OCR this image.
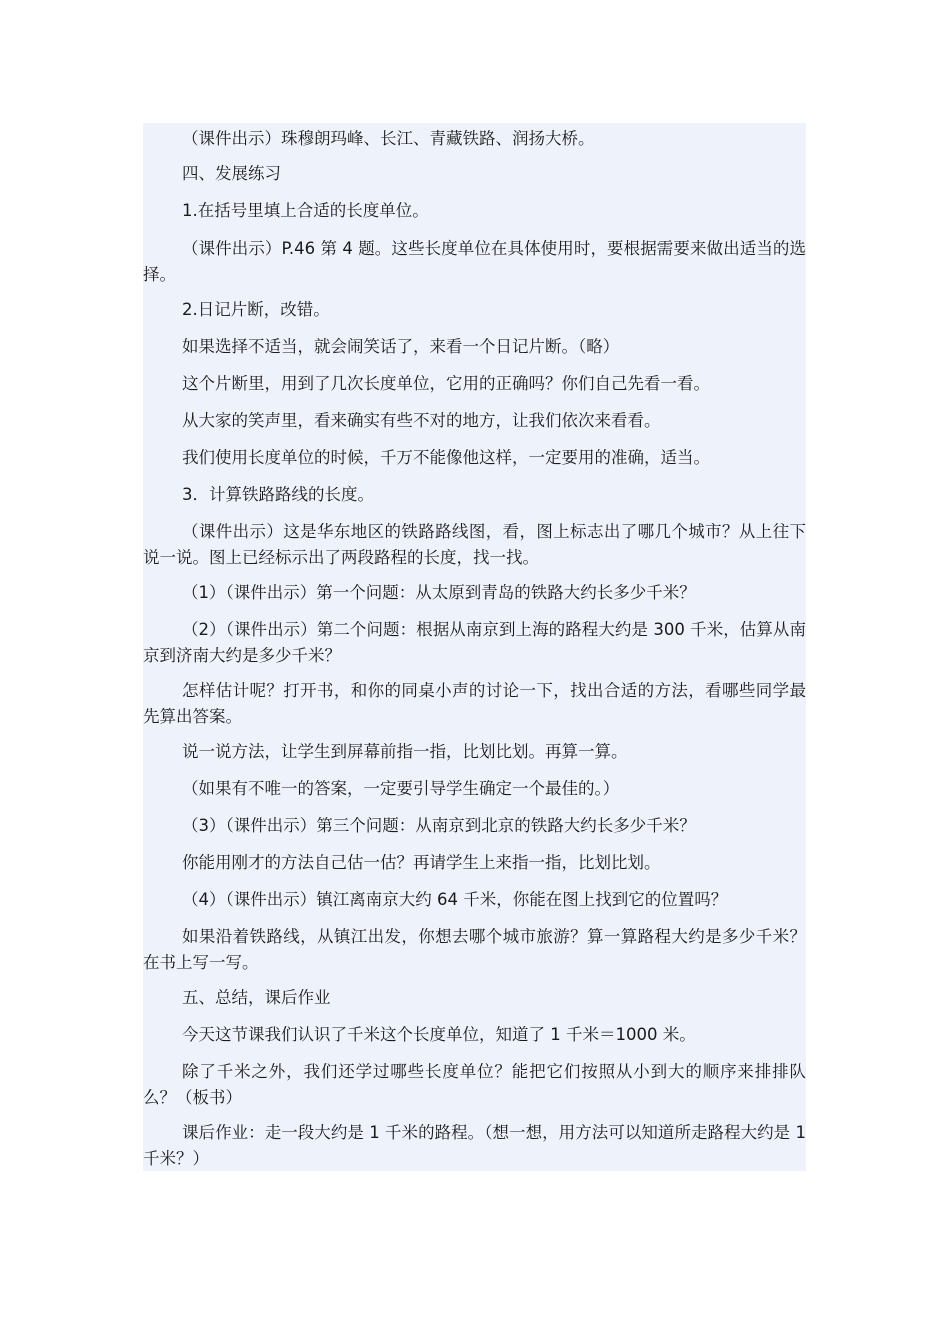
（课件出示）珠穆朗玛峰、长江、青藏铁路、润扬大桥。

四、发展练习

1.在括号里填上合适的长度单位。

（课件出示）P.46 第 4 题。这些长度单位在具体使用时，要根据需要来做出适当的选择。

2.日记片断，改错。

如果选择不适当，就会闹笑话了，来看一个日记片断。（略）

这个片断里，用到了几次长度单位，它用的正确吗？你们自己先看一看。

从大家的笑声里，看来确实有些不对的地方，让我们依次来看看。

我们使用长度单位的时候，千万不能像他这样，一定要用的准确，适当。

3．计算铁路路线的长度。

（课件出示）这是华东地区的铁路路线图，看，图上标志出了哪几个城市？从上往下说一说。图上已经标示出了两段路程的长度，找一找。

（1）（课件出示）第一个问题：从太原到青岛的铁路大约长多少千米？

（2）（课件出示）第二个问题：根据从南京到上海的路程大约是 300 千米，估算从南京到济南大约是多少千米？

怎样估计呢？打开书，和你的同桌小声的讨论一下，找出合适的方法，看哪些同学最先算出答案。

说一说方法，让学生到屏幕前指一指，比划比划。再算一算。

（如果有不唯一的答案，一定要引导学生确定一个最佳的。）

（3）（课件出示）第三个问题：从南京到北京的铁路大约长多少千米？

你能用刚才的方法自己估一估？再请学生上来指一指，比划比划。

（4）（课件出示）镇江离南京大约 64 千米，你能在图上找到它的位置吗？

如果沿着铁路线，从镇江出发，你想去哪个城市旅游？算一算路程大约是多少千米？在书上写一写。

五、总结，课后作业

今天这节课我们认识了千米这个长度单位，知道了 1 千米＝1000 米。

除了千米之外，我们还学过哪些长度单位？能把它们按照从小到大的顺序来排排队么？（板书）

课后作业：走一段大约是 1 千米的路程。（想一想，用方法可以知道所走路程大约是 1 千米？）
